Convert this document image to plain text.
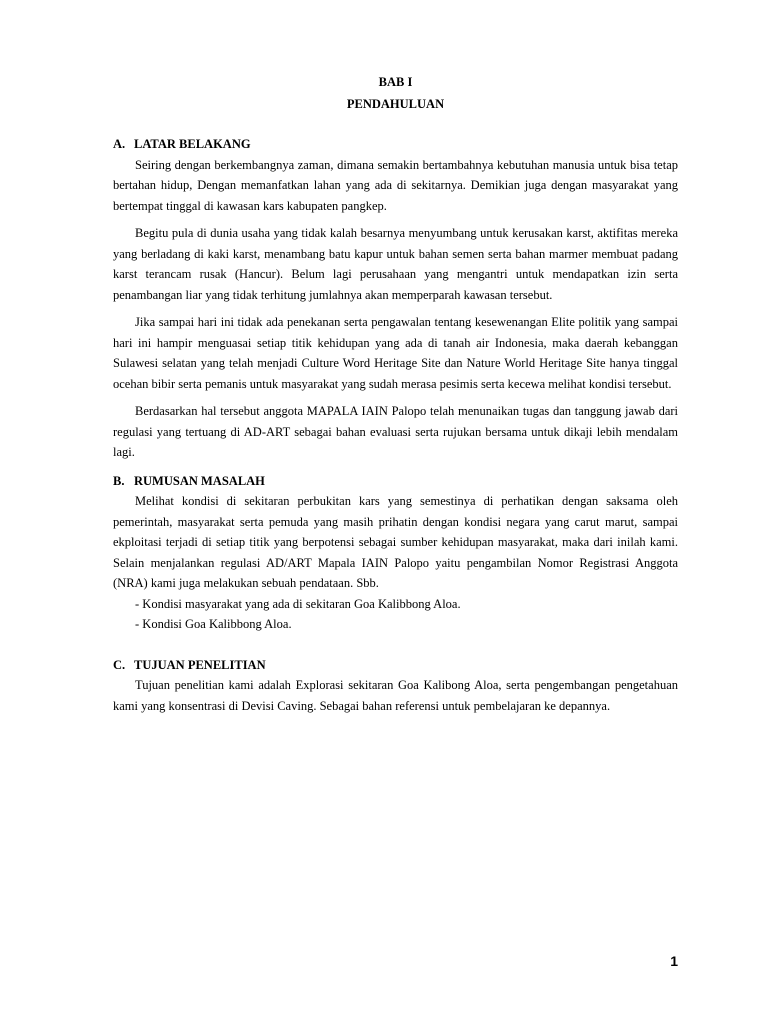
BAB I

PENDAHULUAN

A. LATAR BELAKANG

Seiring dengan berkembangnya zaman, dimana semakin bertambahnya kebutuhan manusia untuk bisa tetap bertahan hidup, Dengan memanfatkan lahan yang ada di sekitarnya. Demikian juga dengan masyarakat yang bertempat tinggal di kawasan kars kabupaten pangkep.

Begitu pula di dunia usaha yang tidak kalah besarnya menyumbang untuk kerusakan karst, aktifitas mereka yang berladang di kaki karst, menambang batu kapur untuk bahan semen serta bahan marmer membuat padang karst terancam rusak (Hancur). Belum lagi perusahaan yang mengantri untuk mendapatkan izin serta penambangan liar yang tidak terhitung jumlahnya akan memperparah kawasan tersebut.

Jika sampai hari ini tidak ada penekanan serta pengawalan tentang kesewenangan Elite politik yang sampai hari ini hampir menguasai setiap titik kehidupan yang ada di tanah air Indonesia, maka daerah kebanggan Sulawesi selatan yang telah menjadi Culture Word Heritage Site dan Nature World Heritage Site hanya tinggal ocehan bibir serta pemanis untuk masyarakat yang sudah merasa pesimis serta kecewa melihat kondisi tersebut.

Berdasarkan hal tersebut anggota MAPALA IAIN Palopo telah menunaikan tugas dan tanggung jawab dari regulasi yang tertuang di AD-ART sebagai bahan evaluasi serta rujukan bersama untuk dikaji lebih mendalam lagi.

B. RUMUSAN MASALAH

Melihat kondisi di sekitaran perbukitan kars yang semestinya di perhatikan dengan saksama oleh pemerintah, masyarakat serta pemuda yang masih prihatin dengan kondisi negara yang carut marut, sampai ekploitasi terjadi di setiap titik yang berpotensi sebagai sumber kehidupan masyarakat, maka dari inilah kami. Selain menjalankan regulasi AD/ART Mapala IAIN Palopo yaitu pengambilan Nomor Registrasi Anggota (NRA) kami juga melakukan sebuah pendataan. Sbb.

- Kondisi masyarakat yang ada di sekitaran Goa Kalibbong Aloa.

- Kondisi Goa Kalibbong Aloa.

C. TUJUAN PENELITIAN

Tujuan penelitian kami adalah Explorasi sekitaran Goa Kalibong Aloa, serta pengembangan pengetahuan kami yang konsentrasi di Devisi Caving. Sebagai bahan referensi untuk pembelajaran ke depannya.

1
